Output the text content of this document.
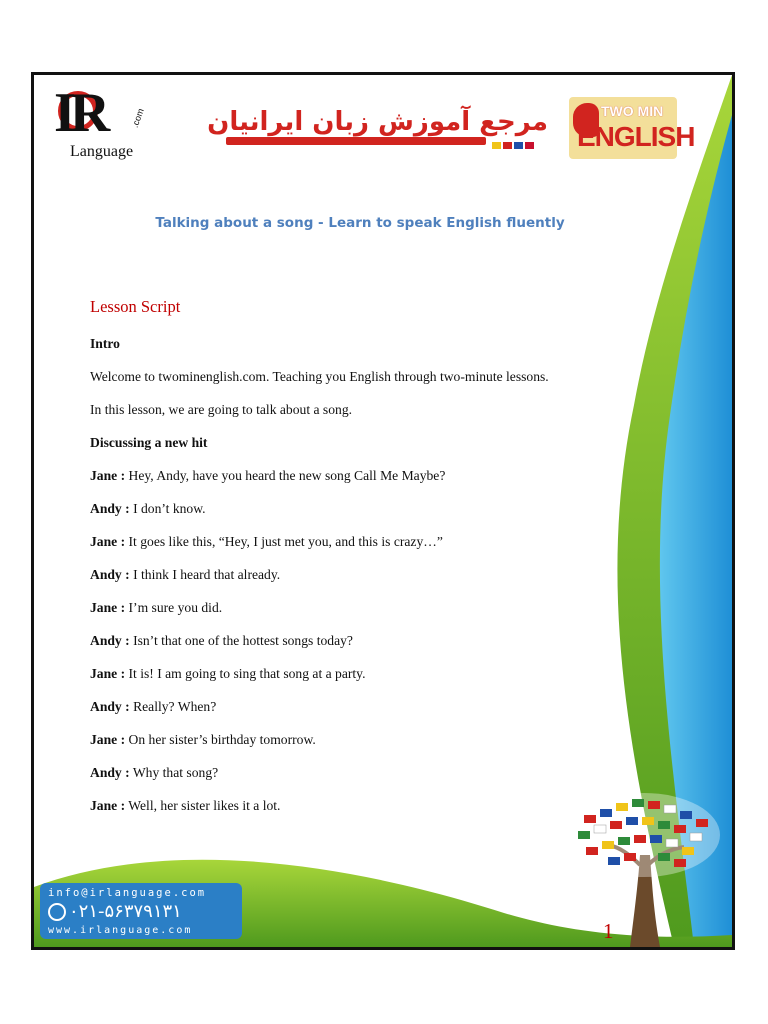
IR	.com
Language
مرجع آموزش زبان ایرانیان	TWO MIN
ENGLISH
Talking about a song - Learn to speak English fluently
Lesson Script
Intro
Welcome to twominenglish.com. Teaching you English through two-minute lessons.
In this lesson, we are going to talk about a song.
Discussing a new hit
Jane : Hey, Andy, have you heard the new song Call Me Maybe?
Andy : I don’t know.
Jane : It goes like this, “Hey, I just met you, and this is crazy…”
Andy : I think I heard that already.
Jane : I’m sure you did.
Andy : Isn’t that one of the hottest songs today?
Jane : It is! I am going to sing that song at a party.
Andy : Really? When?
Jane : On her sister’s birthday tomorrow.
Andy : Why that song?
Jane : Well, her sister likes it a lot.
info@irlanguage.com
۰۲۱-۵۶۳۷۹۱۳۱
www.irlanguage.com	1
